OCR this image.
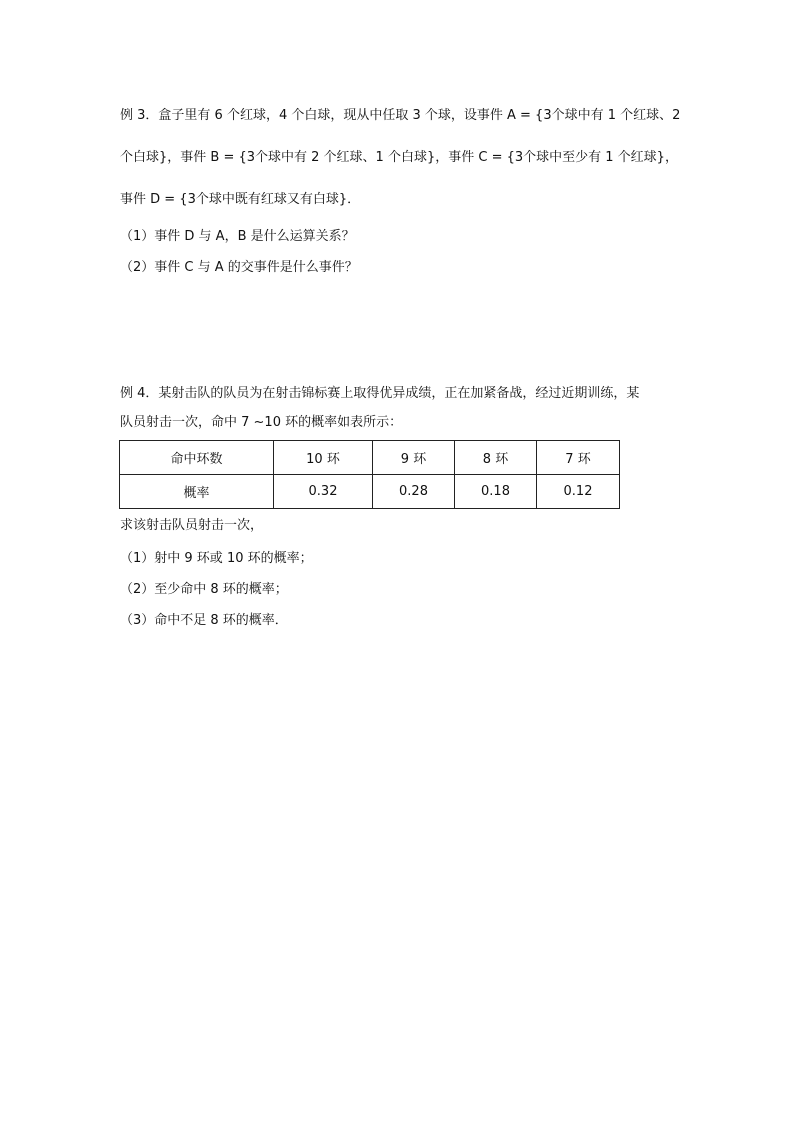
例 3．盒子里有 6 个红球，4 个白球，现从中任取 3 个球，设事件 A = {3个球中有 1 个红球、2
个白球}，事件 B = {3个球中有 2 个红球、1 个白球}，事件 C = {3个球中至少有 1 个红球}，
事件 D = {3个球中既有红球又有白球}．
（1）事件 D 与 A，B 是什么运算关系？
（2）事件 C 与 A 的交事件是什么事件？
例 4．某射击队的队员为在射击锦标赛上取得优异成绩，正在加紧备战，经过近期训练，某
队员射击一次，命中 7 ~10 环的概率如表所示：
命中环数	10 环	9 环	8 环	7 环
概率	0.32	0.28	0.18	0.12
求该射击队员射击一次，
（1）射中 9 环或 10 环的概率；
（2）至少命中 8 环的概率；
（3）命中不足 8 环的概率．
